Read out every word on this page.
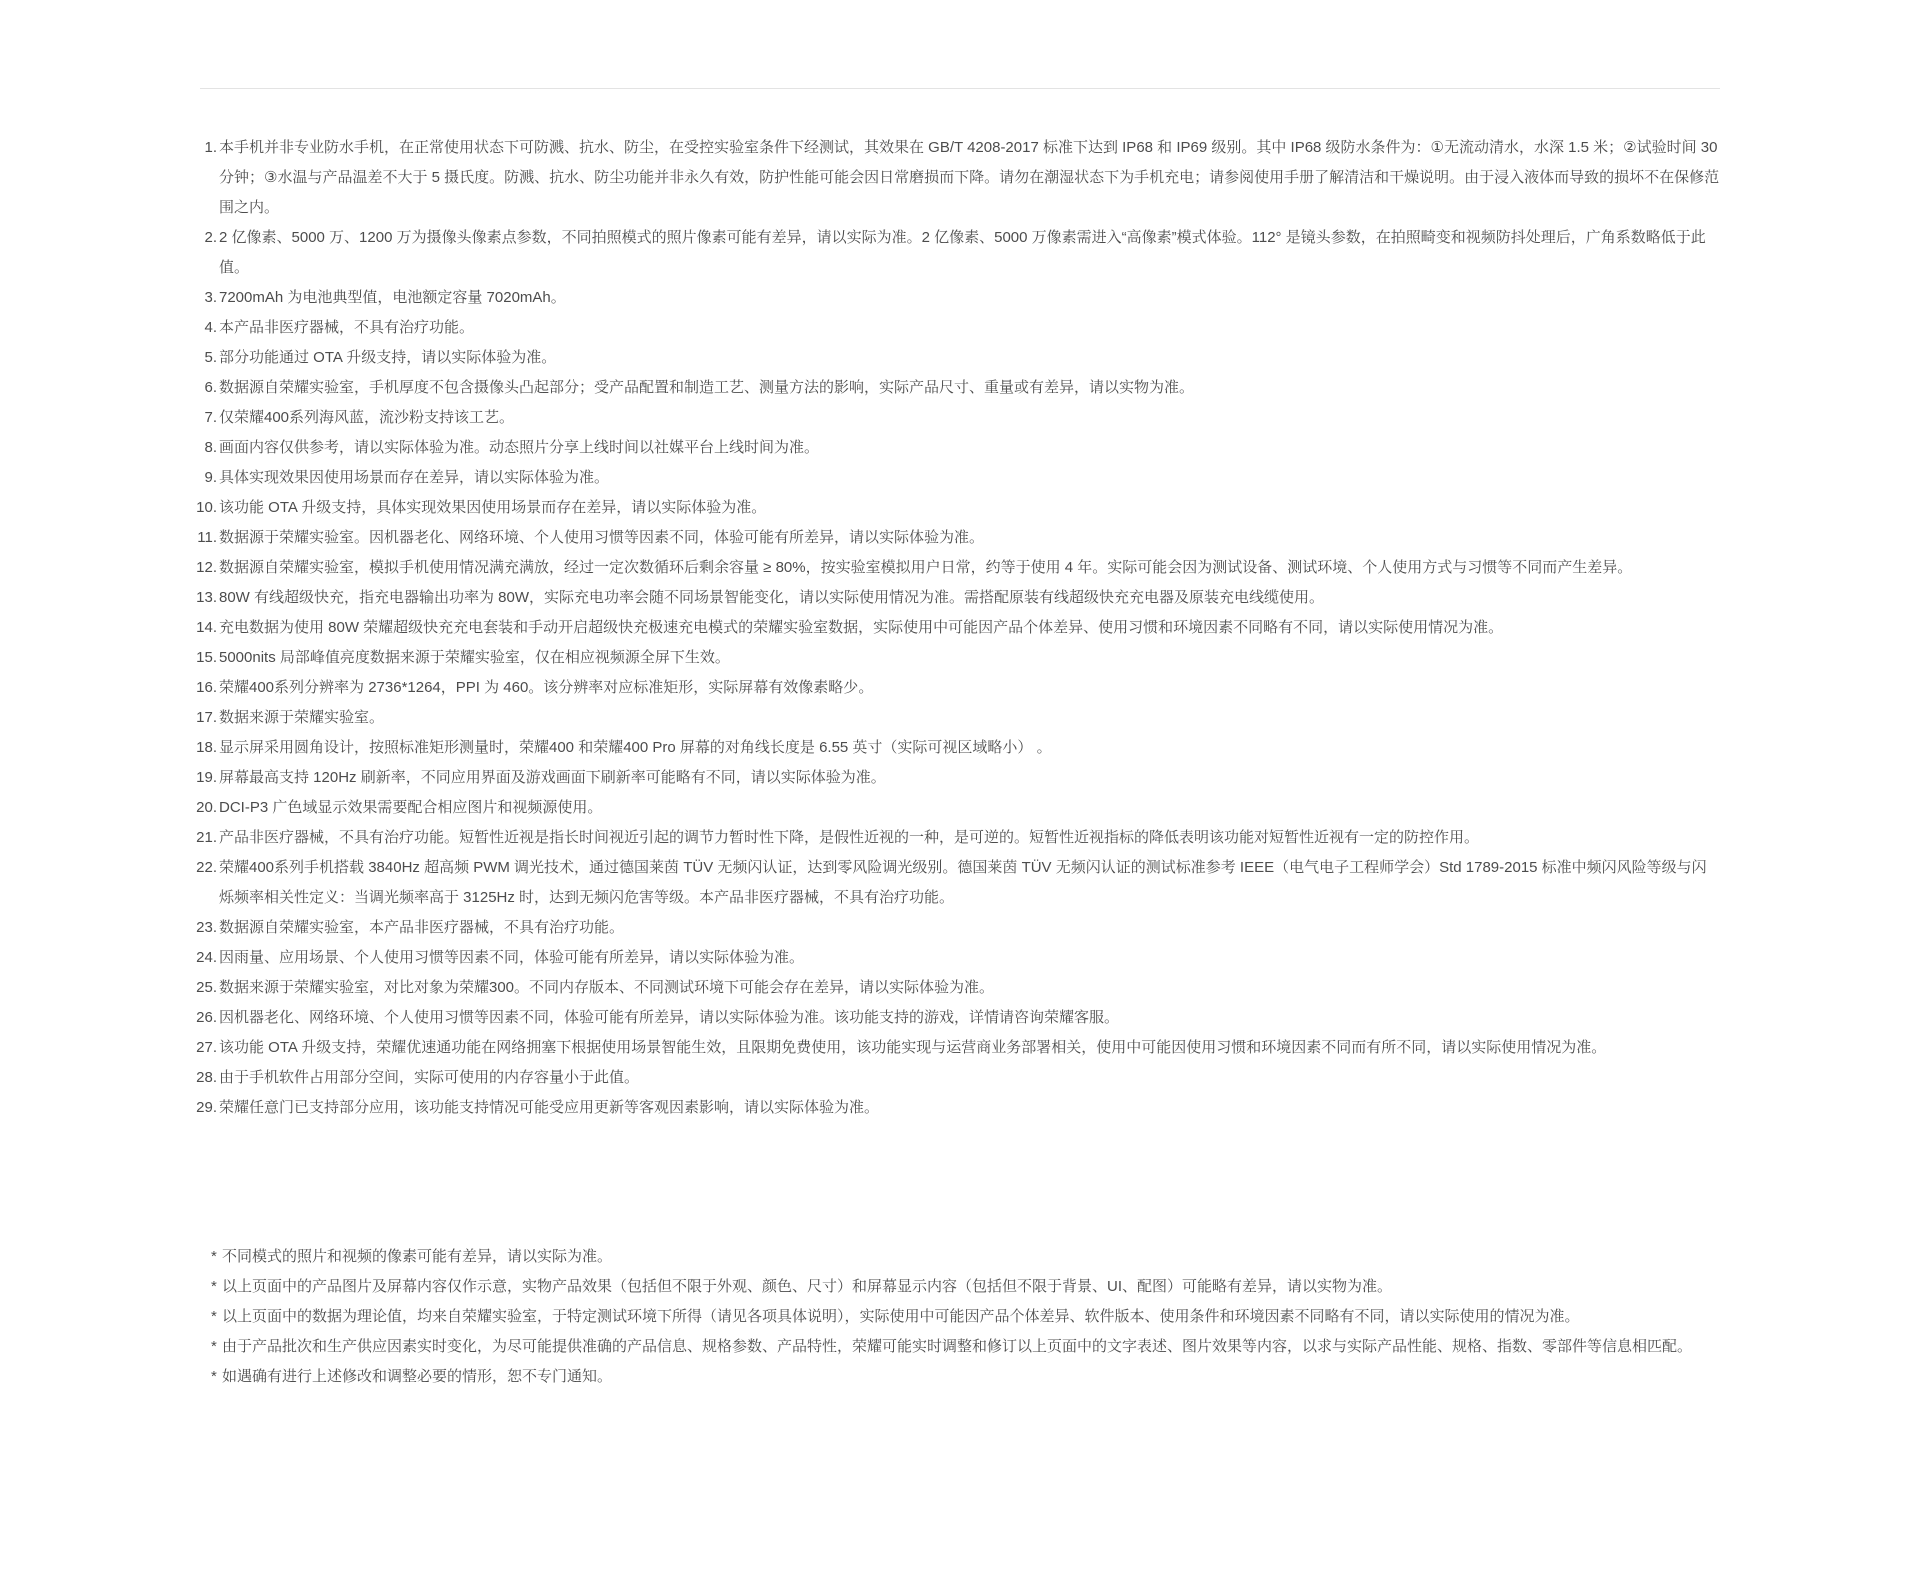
1. 本手机并非专业防水手机，在正常使用状态下可防溅、抗水、防尘，在受控实验室条件下经测试，其效果在 GB/T 4208-2017 标准下达到 IP68 和 IP69 级别。其中 IP68 级防水条件为：①无流动清水，水深 1.5 米；②试验时间 30 分钟；③水温与产品温差不大于 5 摄氏度。防溅、抗水、防尘功能并非永久有效，防护性能可能会因日常磨损而下降。请勿在潮湿状态下为手机充电；请参阅使用手册了解清洁和干燥说明。由于浸入液体而导致的损坏不在保修范围之内。
2. 2 亿像素、5000 万、1200 万为摄像头像素点参数，不同拍照模式的照片像素可能有差异，请以实际为准。2 亿像素、5000 万像素需进入“高像素”模式体验。112° 是镜头参数，在拍照畸变和视频防抖处理后，广角系数略低于此值。
3. 7200mAh 为电池典型值，电池额定容量 7020mAh。
4. 本产品非医疗器械，不具有治疗功能。
5. 部分功能通过 OTA 升级支持，请以实际体验为准。
6. 数据源自荣耀实验室，手机厚度不包含摄像头凸起部分；受产品配置和制造工艺、测量方法的影响，实际产品尺寸、重量或有差异，请以实物为准。
7. 仅荣耀400系列海风蓝，流沙粉支持该工艺。
8. 画面内容仅供参考，请以实际体验为准。动态照片分享上线时间以社媒平台上线时间为准。
9. 具体实现效果因使用场景而存在差异，请以实际体验为准。
10. 该功能 OTA 升级支持，具体实现效果因使用场景而存在差异，请以实际体验为准。
11. 数据源于荣耀实验室。因机器老化、网络环境、个人使用习惯等因素不同，体验可能有所差异，请以实际体验为准。
12. 数据源自荣耀实验室，模拟手机使用情况满充满放，经过一定次数循环后剩余容量 ≥ 80%，按实验室模拟用户日常，约等于使用 4 年。实际可能会因为测试设备、测试环境、个人使用方式与习惯等不同而产生差异。
13. 80W 有线超级快充，指充电器输出功率为 80W，实际充电功率会随不同场景智能变化，请以实际使用情况为准。需搭配原装有线超级快充充电器及原装充电线缆使用。
14. 充电数据为使用 80W 荣耀超级快充充电套装和手动开启超级快充极速充电模式的荣耀实验室数据，实际使用中可能因产品个体差异、使用习惯和环境因素不同略有不同，请以实际使用情况为准。
15. 5000nits 局部峰值亮度数据来源于荣耀实验室，仅在相应视频源全屏下生效。
16. 荣耀400系列分辨率为 2736*1264，PPI 为 460。该分辨率对应标准矩形，实际屏幕有效像素略少。
17. 数据来源于荣耀实验室。
18. 显示屏采用圆角设计，按照标准矩形测量时，荣耀400 和荣耀400 Pro 屏幕的对角线长度是 6.55 英寸（实际可视区域略小） 。
19. 屏幕最高支持 120Hz 刷新率，不同应用界面及游戏画面下刷新率可能略有不同，请以实际体验为准。
20. DCI-P3 广色域显示效果需要配合相应图片和视频源使用。
21. 产品非医疗器械，不具有治疗功能。短暂性近视是指长时间视近引起的调节力暂时性下降，是假性近视的一种，是可逆的。短暂性近视指标的降低表明该功能对短暂性近视有一定的防控作用。
22. 荣耀400系列手机搭载 3840Hz 超高频 PWM 调光技术，通过德国莱茵 TÜV 无频闪认证，达到零风险调光级别。德国莱茵 TÜV 无频闪认证的测试标准参考 IEEE（电气电子工程师学会）Std 1789-2015 标准中频闪风险等级与闪烁频率相关性定义：当调光频率高于 3125Hz 时，达到无频闪危害等级。本产品非医疗器械，不具有治疗功能。
23. 数据源自荣耀实验室，本产品非医疗器械，不具有治疗功能。
24. 因雨量、应用场景、个人使用习惯等因素不同，体验可能有所差异，请以实际体验为准。
25. 数据来源于荣耀实验室，对比对象为荣耀300。不同内存版本、不同测试环境下可能会存在差异，请以实际体验为准。
26. 因机器老化、网络环境、个人使用习惯等因素不同，体验可能有所差异，请以实际体验为准。该功能支持的游戏，详情请咨询荣耀客服。
27. 该功能 OTA 升级支持，荣耀优速通功能在网络拥塞下根据使用场景智能生效，且限期免费使用，该功能实现与运营商业务部署相关，使用中可能因使用习惯和环境因素不同而有所不同，请以实际使用情况为准。
28. 由于手机软件占用部分空间，实际可使用的内存容量小于此值。
29. 荣耀任意门已支持部分应用，该功能支持情况可能受应用更新等客观因素影响，请以实际体验为准。
* 不同模式的照片和视频的像素可能有差异，请以实际为准。
* 以上页面中的产品图片及屏幕内容仅作示意，实物产品效果（包括但不限于外观、颜色、尺寸）和屏幕显示内容（包括但不限于背景、UI、配图）可能略有差异，请以实物为准。
* 以上页面中的数据为理论值，均来自荣耀实验室，于特定测试环境下所得（请见各项具体说明），实际使用中可能因产品个体差异、软件版本、使用条件和环境因素不同略有不同，请以实际使用的情况为准。
* 由于产品批次和生产供应因素实时变化，为尽可能提供准确的产品信息、规格参数、产品特性，荣耀可能实时调整和修订以上页面中的文字表述、图片效果等内容，以求与实际产品性能、规格、指数、零部件等信息相匹配。
* 如遇确有进行上述修改和调整必要的情形，恕不专门通知。
